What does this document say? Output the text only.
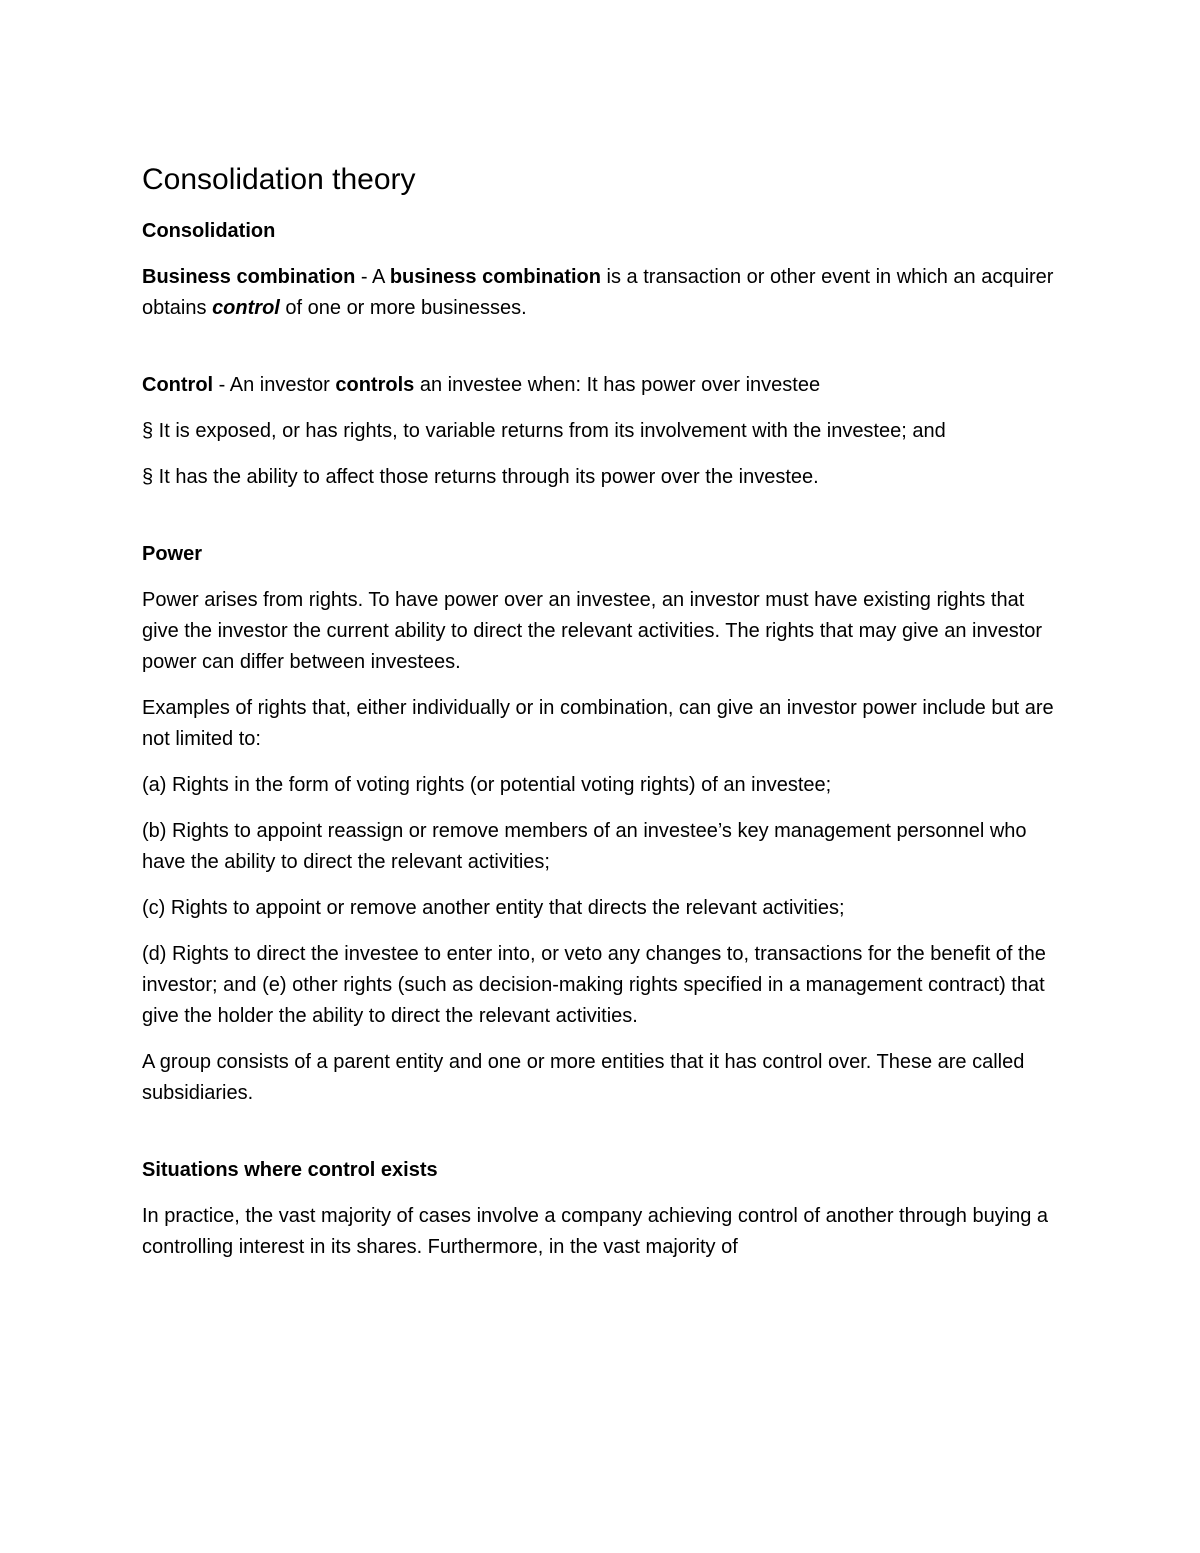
Consolidation theory

Consolidation

Business combination - A business combination is a transaction or other event in which an acquirer obtains control of one or more businesses.

Control - An investor controls an investee when: It has power over investee

§ It is exposed, or has rights, to variable returns from its involvement with the investee; and

§ It has the ability to affect those returns through its power over the investee.

Power

Power arises from rights. To have power over an investee, an investor must have existing rights that give the investor the current ability to direct the relevant activities. The rights that may give an investor power can differ between investees.

Examples of rights that, either individually or in combination, can give an investor power include but are not limited to:

(a) Rights in the form of voting rights (or potential voting rights) of an investee;

(b) Rights to appoint reassign or remove members of an investee’s key management personnel who have the ability to direct the relevant activities;

(c) Rights to appoint or remove another entity that directs the relevant activities;

(d) Rights to direct the investee to enter into, or veto any changes to, transactions for the benefit of the investor; and (e) other rights (such as decision-making rights specified in a management contract) that give the holder the ability to direct the relevant activities.

A group consists of a parent entity and one or more entities that it has control over. These are called subsidiaries.

Situations where control exists

In practice, the vast majority of cases involve a company achieving control of another through buying a controlling interest in its shares. Furthermore, in the vast majority of
